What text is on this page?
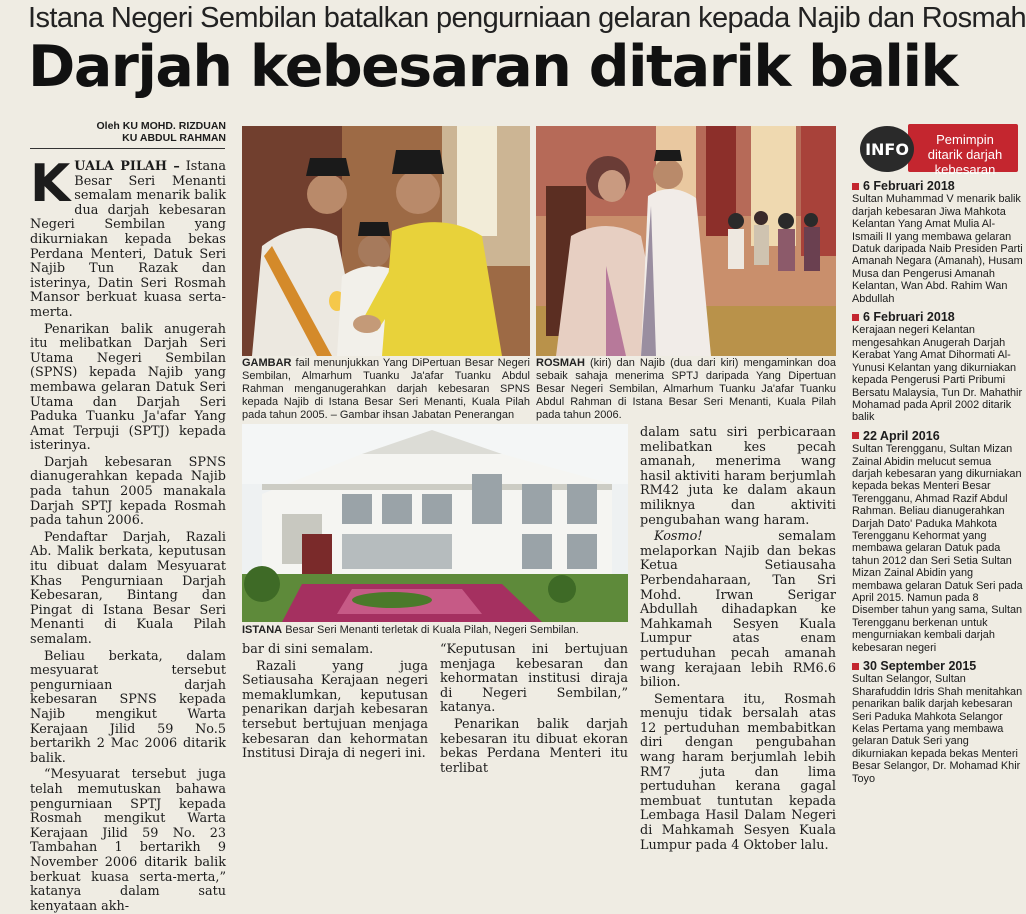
Istana Negeri Sembilan batalkan pengurniaan gelaran kepada Najib dan Rosmah
Darjah kebesaran ditarik balik
Oleh KU MOHD. RIZDUAN
KU ABDUL RAHMAN

KUALA PILAH – Istana Besar Seri Menanti semalam menarik balik dua darjah kebesaran Negeri Sembilan yang dikurniakan kepada bekas Perdana Menteri, Datuk Seri Najib Tun Razak dan isterinya, Datin Seri Rosmah Mansor berkuat kuasa serta-merta.

Penarikan balik anugerah itu melibatkan Darjah Seri Utama Negeri Sembilan (SPNS) kepada Najib yang membawa gelaran Datuk Seri Utama dan Darjah Seri Paduka Tuanku Ja'afar Yang Amat Terpuji (SPTJ) kepada isterinya.

Darjah kebesaran SPNS dianugerahkan kepada Najib pada tahun 2005 manakala Darjah SPTJ kepada Rosmah pada tahun 2006.

Pendaftar Darjah, Razali Ab. Malik berkata, keputusan itu dibuat dalam Mesyuarat Khas Pengurniaan Darjah Kebesaran, Bintang dan Pingat di Istana Besar Seri Menanti di Kuala Pilah semalam.

Beliau berkata, dalam mesyuarat tersebut pengurniaan darjah kebesaran SPNS kepada Najib mengikut Warta Kerajaan Jilid 59 No.5 bertarikh 2 Mac 2006 ditarik balik.

“Mesyuarat tersebut juga telah memutuskan bahawa pengurniaan SPTJ kepada Rosmah mengikut Warta Kerajaan Jilid 59 No. 23 Tambahan 1 bertarikh 9 November 2006 ditarik balik berkuat kuasa serta-merta,” katanya dalam satu kenyataan akh-

GAMBAR fail menunjukkan Yang DiPertuan Besar Negeri Sembilan, Almarhum Tuanku Ja'afar Tuanku Abdul Rahman menganugerahkan darjah kebesaran SPNS kepada Najib di Istana Besar Seri Menanti, Kuala Pilah pada tahun 2005. – Gambar ihsan Jabatan Penerangan
ROSMAH (kiri) dan Najib (dua dari kiri) mengaminkan doa sebaik sahaja menerima SPTJ daripada Yang Dipertuan Besar Negeri Sembilan, Almarhum Tuanku Ja'afar Tuanku Abdul Rahman di Istana Besar Seri Menanti, Kuala Pilah pada tahun 2006.
ISTANA Besar Seri Menanti terletak di Kuala Pilah, Negeri Sembilan.

bar di sini semalam.

Razali yang juga Setiausaha Kerajaan negeri memaklumkan, keputusan penarikan darjah kebesaran tersebut bertujuan menjaga kebesaran dan kehormatan Institusi Diraja di negeri ini.

“Keputusan ini bertujuan menjaga kebesaran dan kehormatan institusi diraja di Negeri Sembilan,” katanya.

Penarikan balik darjah kebesaran itu dibuat ekoran bekas Perdana Menteri itu terlibat

dalam satu siri perbicaraan melibatkan kes pecah amanah, menerima wang hasil aktiviti haram berjumlah RM42 juta ke dalam akaun miliknya dan aktiviti pengubahan wang haram.

Kosmo! semalam melaporkan Najib dan bekas Ketua Setiausaha Perbendaharaan, Tan Sri Mohd. Irwan Serigar Abdullah dihadapkan ke Mahkamah Sesyen Kuala Lumpur atas enam pertuduhan pecah amanah wang kerajaan lebih RM6.6 bilion.

Sementara itu, Rosmah menuju tidak bersalah atas 12 pertuduhan membabitkan diri dengan pengubahan wang haram berjumlah lebih RM7 juta dan lima pertuduhan kerana gagal membuat tuntutan kepada Lembaga Hasil Dalam Negeri di Mahkamah Sesyen Kuala Lumpur pada 4 Oktober lalu.

Pemimpin ditarik darjah kebesaran
INFO
6 Februari 2018
Sultan Muhammad V menarik balik darjah kebesaran Jiwa Mahkota Kelantan Yang Amat Mulia Al-Ismaili II yang membawa gelaran Datuk daripada Naib Presiden Parti Amanah Negara (Amanah), Husam Musa dan Pengerusi Amanah Kelantan, Wan Abd. Rahim Wan Abdullah
6 Februari 2018
Kerajaan negeri Kelantan mengesahkan Anugerah Darjah Kerabat Yang Amat Dihormati Al-Yunusi Kelantan yang dikurniakan kepada Pengerusi Parti Pribumi Bersatu Malaysia, Tun Dr. Mahathir Mohamad pada April 2002 ditarik balik
22 April 2016
Sultan Terengganu, Sultan Mizan Zainal Abidin melucut semua darjah kebesaran yang dikurniakan kepada bekas Menteri Besar Terengganu, Ahmad Razif Abdul Rahman. Beliau dianugerahkan Darjah Dato' Paduka Mahkota Terengganu Kehormat yang membawa gelaran Datuk pada tahun 2012 dan Seri Setia Sultan Mizan Zainal Abidin yang membawa gelaran Datuk Seri pada April 2015. Namun pada 8 Disember tahun yang sama, Sultan Terengganu berkenan untuk mengurniakan kembali darjah kebesaran negeri
30 September 2015
Sultan Selangor, Sultan Sharafuddin Idris Shah menitahkan penarikan balik darjah kebesaran Seri Paduka Mahkota Selangor Kelas Pertama yang membawa gelaran Datuk Seri yang dikurniakan kepada bekas Menteri Besar Selangor, Dr. Mohamad Khir Toyo
